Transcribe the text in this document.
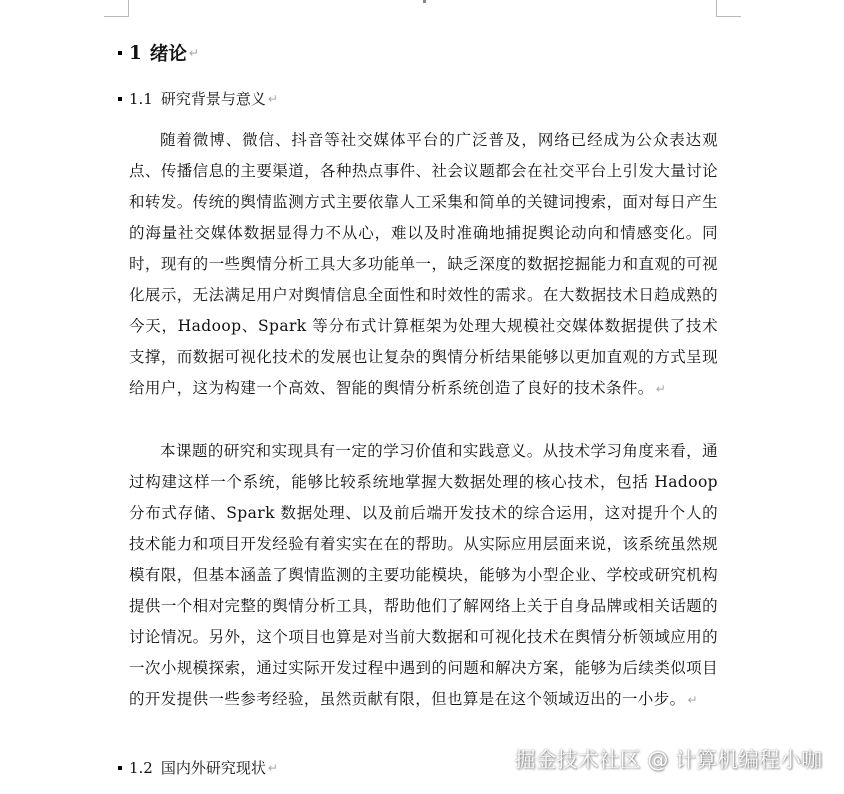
1 绪论 ↵
1.1 研究背景与意义 ↵

随着微博、微信、抖音等社交媒体平台的广泛普及，网络已经成为公众表达观点、传播信息的主要渠道，各种热点事件、社会议题都会在社交平台上引发大量讨论和转发。传统的舆情监测方式主要依靠人工采集和简单的关键词搜索，面对每日产生的海量社交媒体数据显得力不从心，难以及时准确地捕捉舆论动向和情感变化。同时，现有的一些舆情分析工具大多功能单一，缺乏深度的数据挖掘能力和直观的可视化展示，无法满足用户对舆情信息全面性和时效性的需求。在大数据技术日趋成熟的今天，Hadoop、Spark 等分布式计算框架为处理大规模社交媒体数据提供了技术支撑，而数据可视化技术的发展也让复杂的舆情分析结果能够以更加直观的方式呈现给用户，这为构建一个高效、智能的舆情分析系统创造了良好的技术条件。 ↵

本课题的研究和实现具有一定的学习价值和实践意义。从技术学习角度来看，通过构建这样一个系统，能够比较系统地掌握大数据处理的核心技术，包括 Hadoop 分布式存储、Spark 数据处理、以及前后端开发技术的综合运用，这对提升个人的技术能力和项目开发经验有着实实在在的帮助。从实际应用层面来说，该系统虽然规模有限，但基本涵盖了舆情监测的主要功能模块，能够为小型企业、学校或研究机构提供一个相对完整的舆情分析工具，帮助他们了解网络上关于自身品牌或相关话题的讨论情况。另外，这个项目也算是对当前大数据和可视化技术在舆情分析领域应用的一次小规模探索，通过实际开发过程中遇到的问题和解决方案，能够为后续类似项目的开发提供一些参考经验，虽然贡献有限，但也算是在这个领域迈出的一小步。 ↵

1.2 国内外研究现状 ↵	掘金技术社区 @ 计算机编程小咖
